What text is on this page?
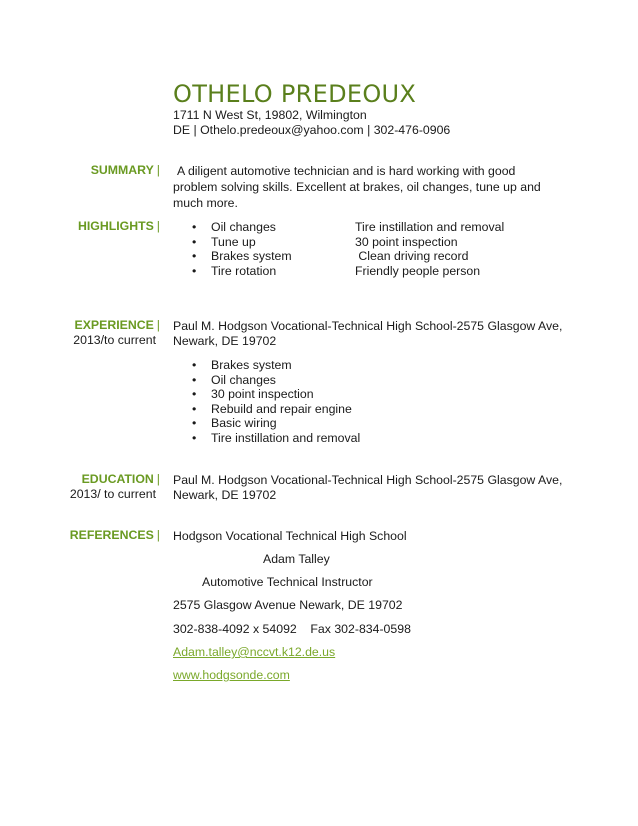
OTHELO PREDEOUX
1711 N West St, 19802, Wilmington
DE | Othelo.predeoux@yahoo.com | 302-476-0906
SUMMARY |	A diligent automotive technician and is hard working with good problem solving skills. Excellent at brakes, oil changes, tune up and much more.
HIGHLIGHTS |
•	Oil changes
• Tune up
• Brakes system
• Tire rotation
Tire instillation and removal
30 point inspection
Clean driving record
Friendly people person
EXPERIENCE |
2013/to current
Paul M. Hodgson Vocational-Technical High School-2575 Glasgow Ave,
Newark, DE 19702
• Brakes system
• Oil changes
• 30 point inspection
• Rebuild and repair engine
• Basic wiring
• Tire instillation and removal
EDUCATION |
2013/ to current
Paul M. Hodgson Vocational-Technical High School-2575 Glasgow Ave,
Newark, DE 19702
REFERENCES | Hodgson Vocational Technical High School
Adam Talley
Automotive Technical Instructor
2575 Glasgow Avenue Newark, DE 19702
302-838-4092 x 54092    Fax 302-834-0598
Adam.talley@nccvt.k12.de.us
www.hodgsonde.com
